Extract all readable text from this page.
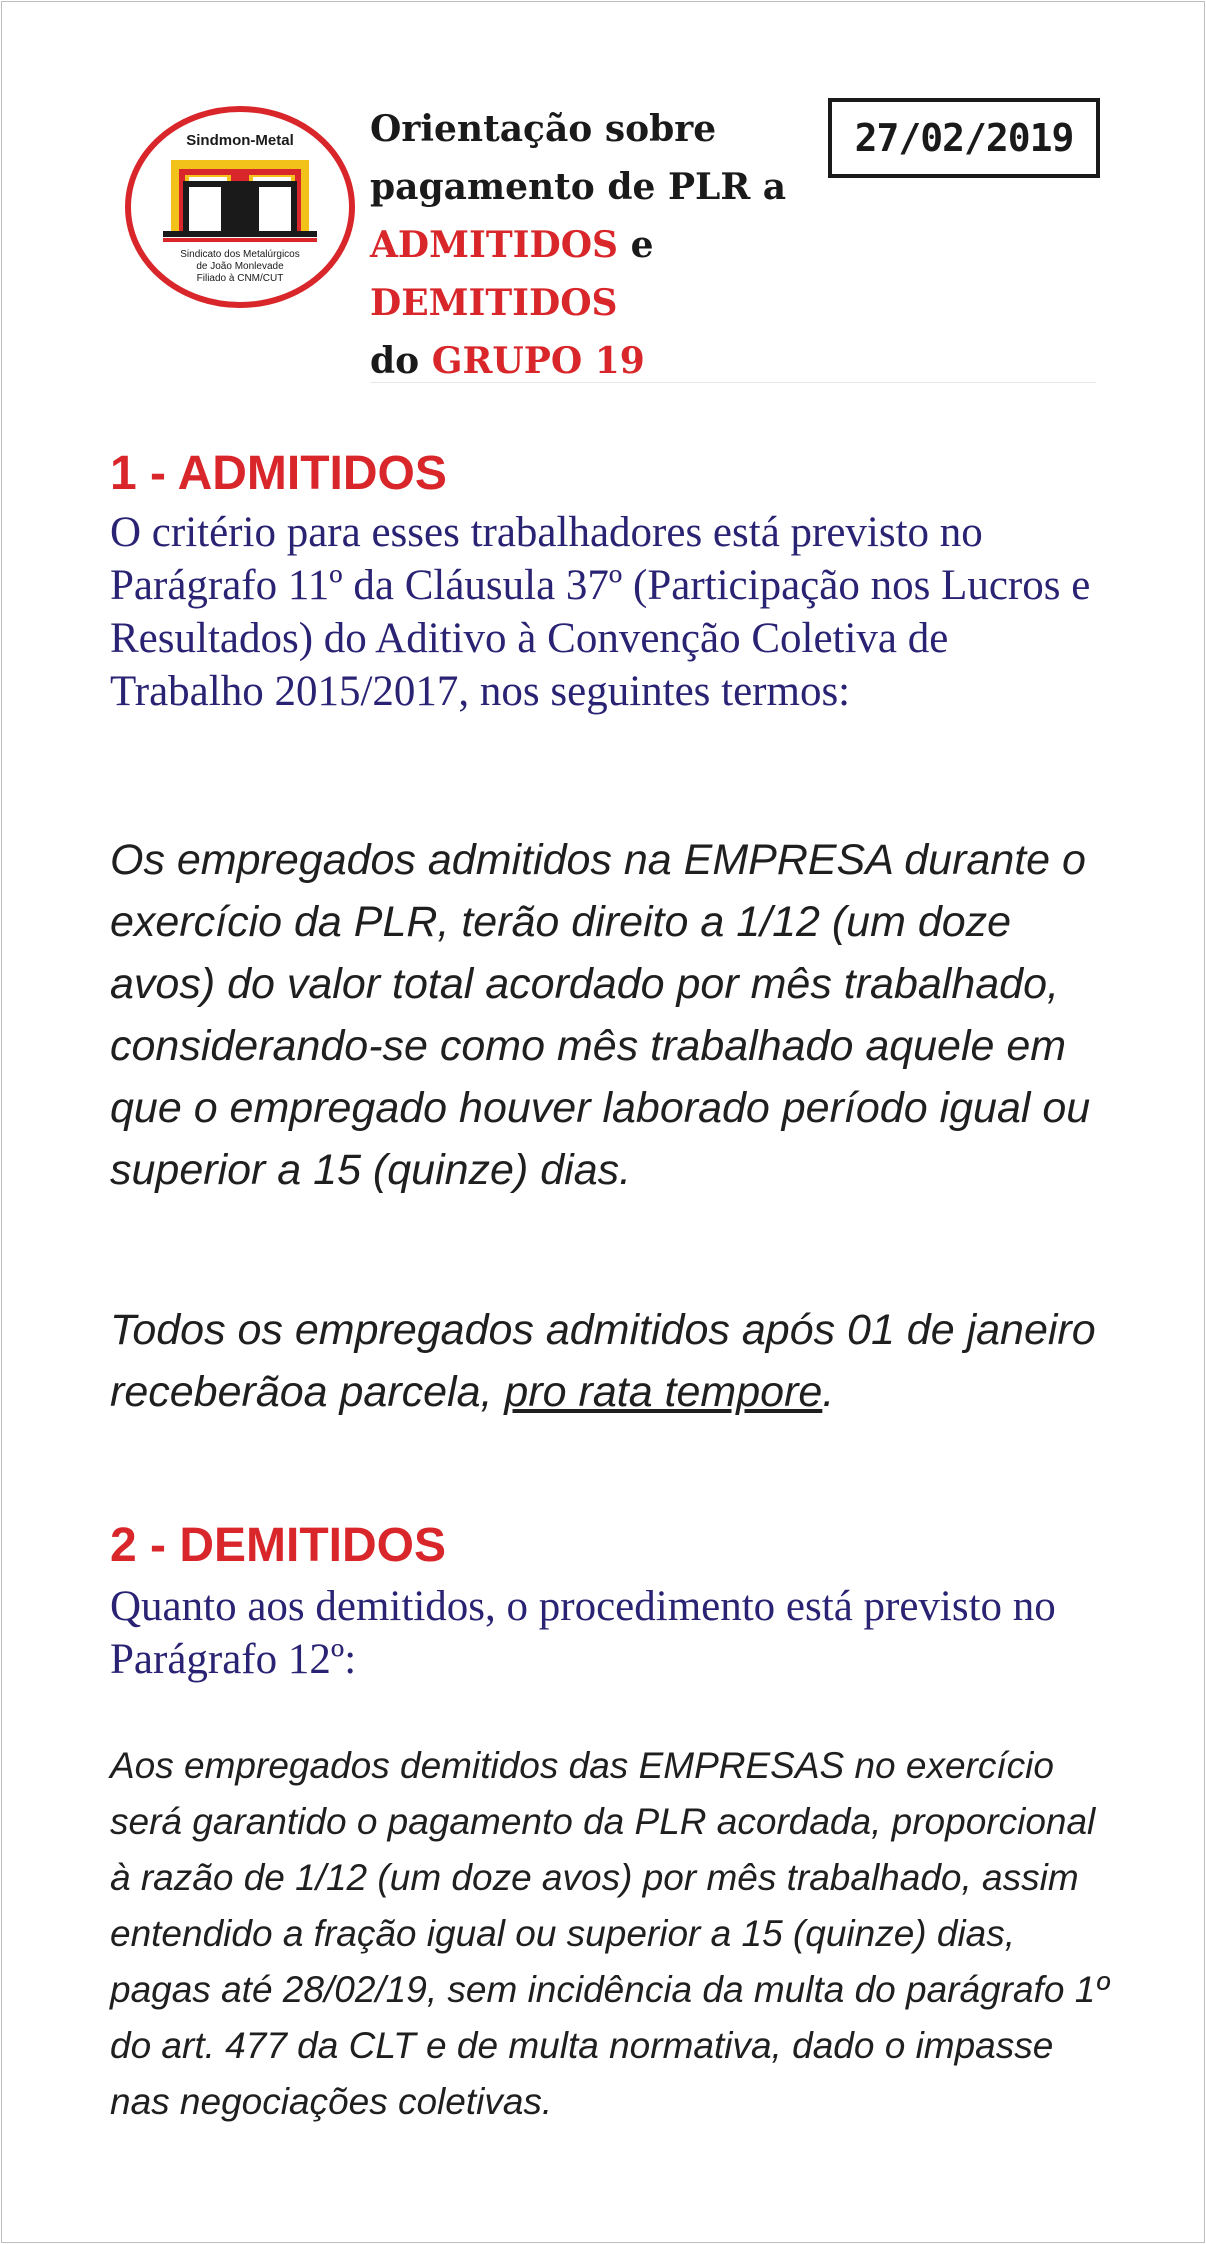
Sindmon-Metal
Sindicato dos Metalúrgicos
de João Monlevade
Filiado à CNM/CUT
Orientação sobre
pagamento de PLR a
ADMITIDOS e
DEMITIDOS
do GRUPO 19
27/02/2019
1 - ADMITIDOS

O critério para esses trabalhadores está previsto no Parágrafo 11º da Cláusula 37º (Participação nos Lucros e Resultados) do Aditivo à Convenção Coletiva de Trabalho 2015/2017, nos seguintes termos:

Os empregados admitidos na EMPRESA durante o exercício da PLR, terão direito a 1/12 (um doze avos) do valor total acordado por mês trabalhado, considerando-se como mês trabalhado aquele em que o empregado houver laborado período igual ou superior a 15 (quinze) dias.

Todos os empregados admitidos após 01 de janeiro receberãoa parcela, pro rata tempore.

2 - DEMITIDOS

Quanto aos demitidos, o procedimento está previsto no Parágrafo 12º:

Aos empregados demitidos das EMPRESAS no exercício será garantido o pagamento da PLR acordada, proporcional à razão de 1/12 (um doze avos) por mês trabalhado, assim entendido a fração igual ou superior a 15 (quinze) dias, pagas até 28/02/19, sem incidência da multa do parágrafo 1º do art. 477 da CLT e de multa normativa, dado o impasse nas negociações coletivas.
